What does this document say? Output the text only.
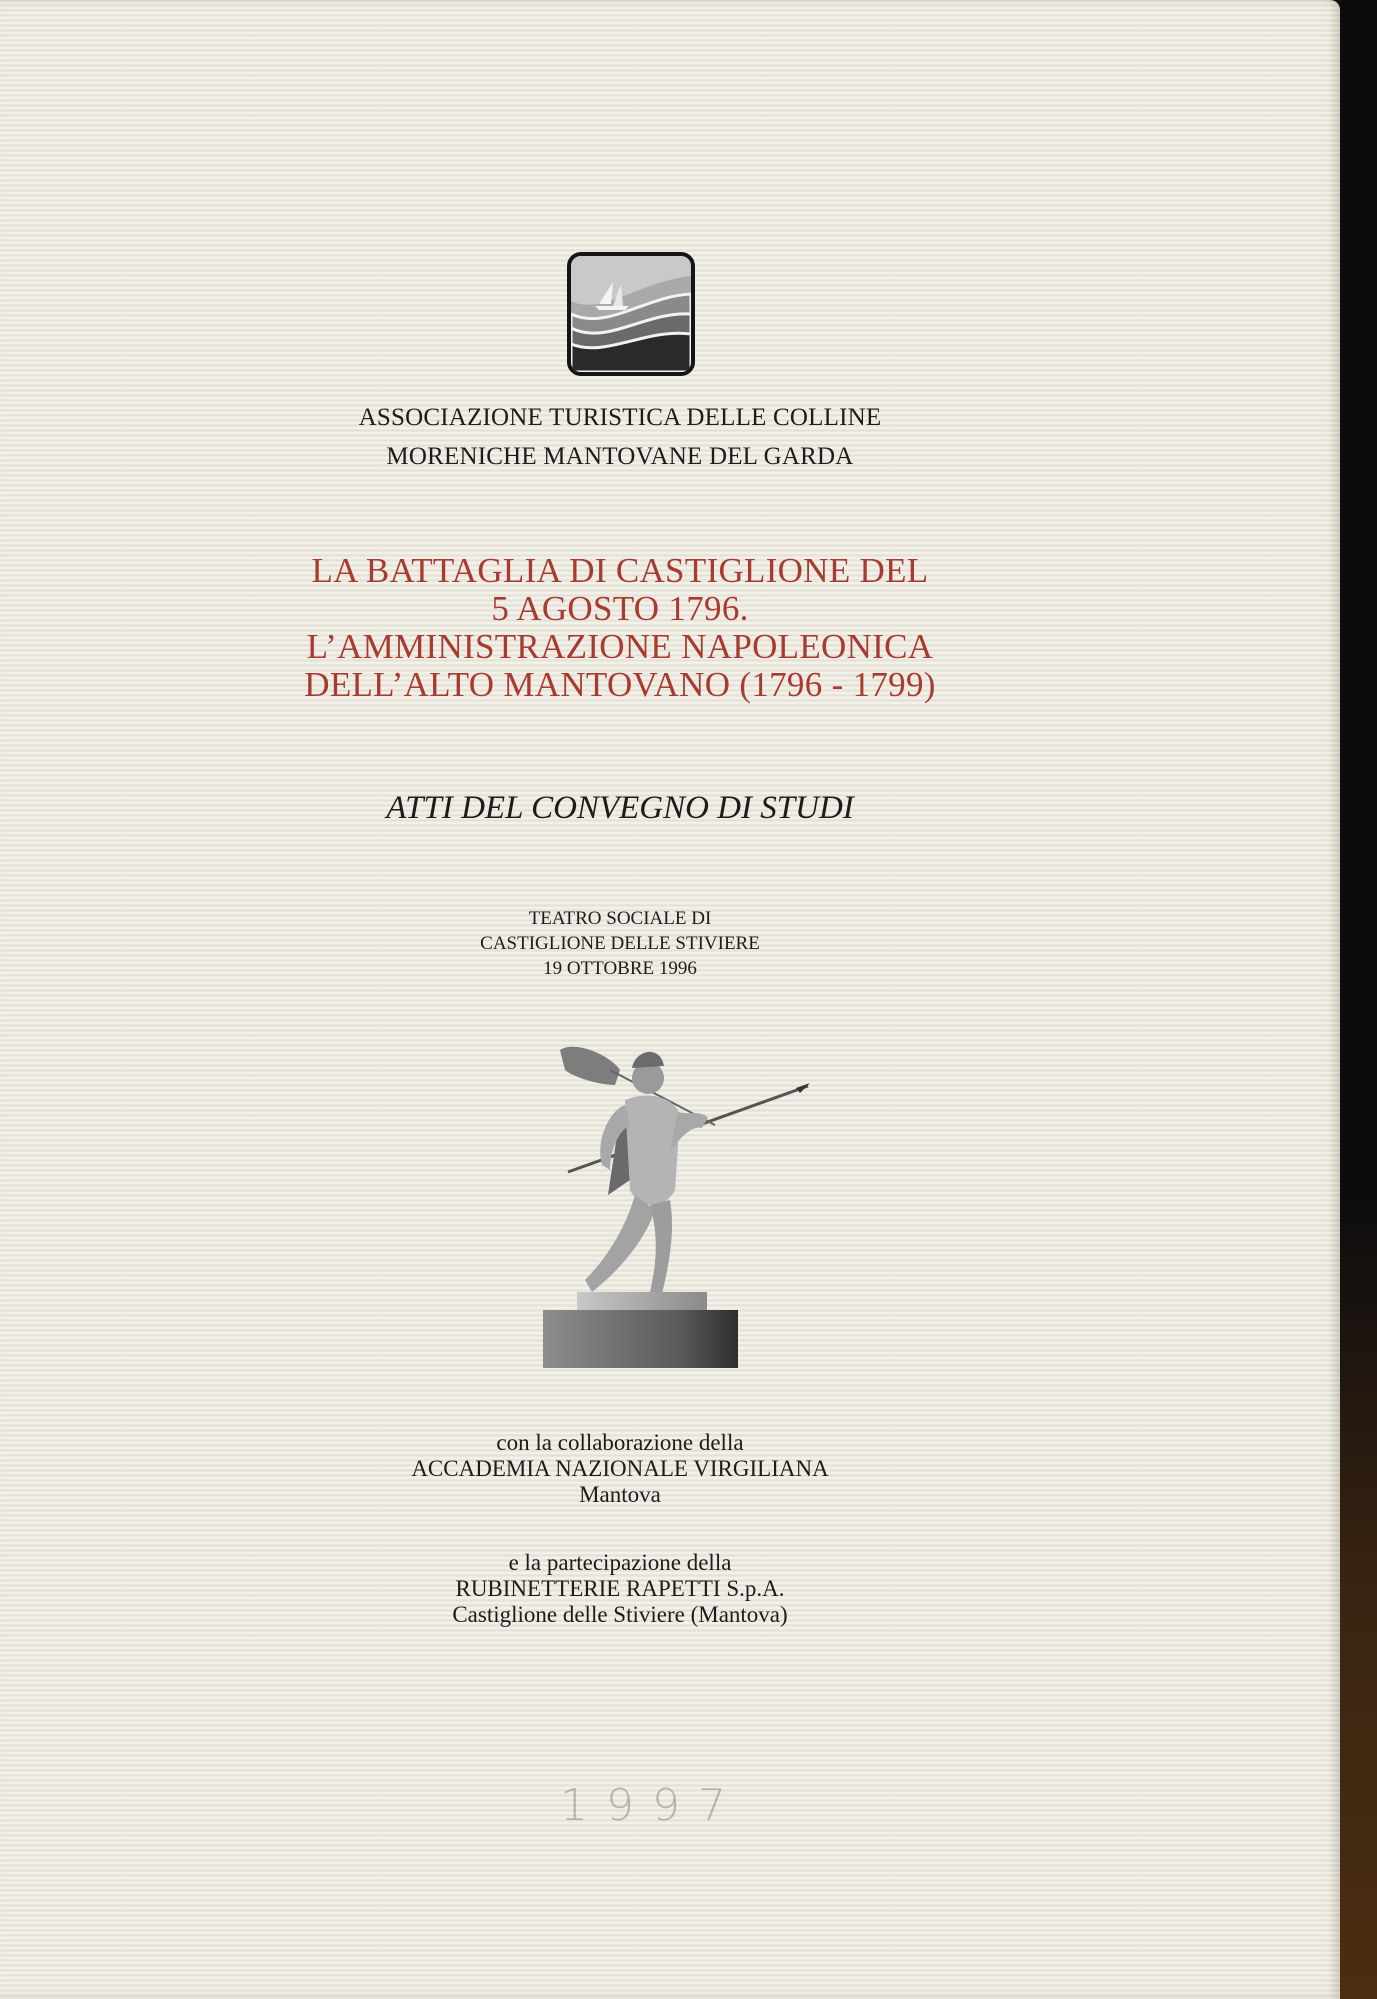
ASSOCIAZIONE TURISTICA DELLE COLLINE
MORENICHE MANTOVANE DEL GARDA
LA BATTAGLIA DI CASTIGLIONE DEL
5 AGOSTO 1796.
L’AMMINISTRAZIONE NAPOLEONICA
DELL’ALTO MANTOVANO (1796 - 1799)
ATTI DEL CONVEGNO DI STUDI
TEATRO SOCIALE DI
CASTIGLIONE DELLE STIVIERE
19 OTTOBRE 1996
con la collaborazione della
ACCADEMIA NAZIONALE VIRGILIANA
Mantova
e la partecipazione della
RUBINETTERIE RAPETTI S.p.A.
Castiglione delle Stiviere (Mantova)
1997
